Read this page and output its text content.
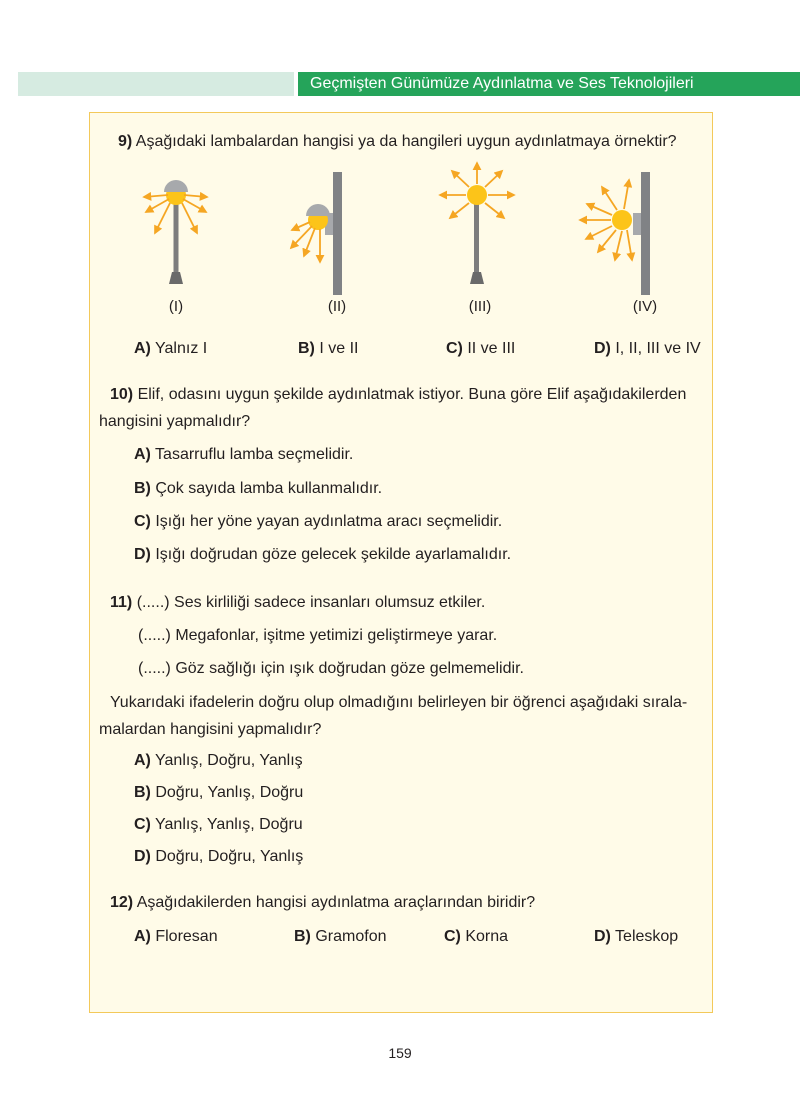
Geçmişten Günümüze Aydınlatma ve Ses Teknolojileri
9) Aşağıdaki lambalardan hangisi ya da hangileri uygun aydınlatmaya örnektir?
(I)	(II)	(III)	(IV)
A) Yalnız I	B) I ve II	C) II ve III	D) I, II, III ve IV
10) Elif, odasını uygun şekilde aydınlatmak istiyor. Buna göre Elif aşağıdakilerden
hangisini yapmalıdır?
A) Tasarruflu lamba seçmelidir.
B) Çok sayıda lamba kullanmalıdır.
C) Işığı her yöne yayan aydınlatma aracı seçmelidir.
D) Işığı doğrudan göze gelecek şekilde ayarlamalıdır.
11) (.....) Ses kirliliği sadece insanları olumsuz etkiler.
(.....) Megafonlar, işitme yetimizi geliştirmeye yarar.
(.....) Göz sağlığı için ışık doğrudan göze gelmemelidir.
Yukarıdaki ifadelerin doğru olup olmadığını belirleyen bir öğrenci aşağıdaki sırala-
malardan hangisini yapmalıdır?
A) Yanlış, Doğru, Yanlış
B) Doğru, Yanlış, Doğru
C) Yanlış, Yanlış, Doğru
D) Doğru, Doğru, Yanlış
12) Aşağıdakilerden hangisi aydınlatma araçlarından biridir?
A) Floresan	B) Gramofon	C) Korna	D) Teleskop
159
